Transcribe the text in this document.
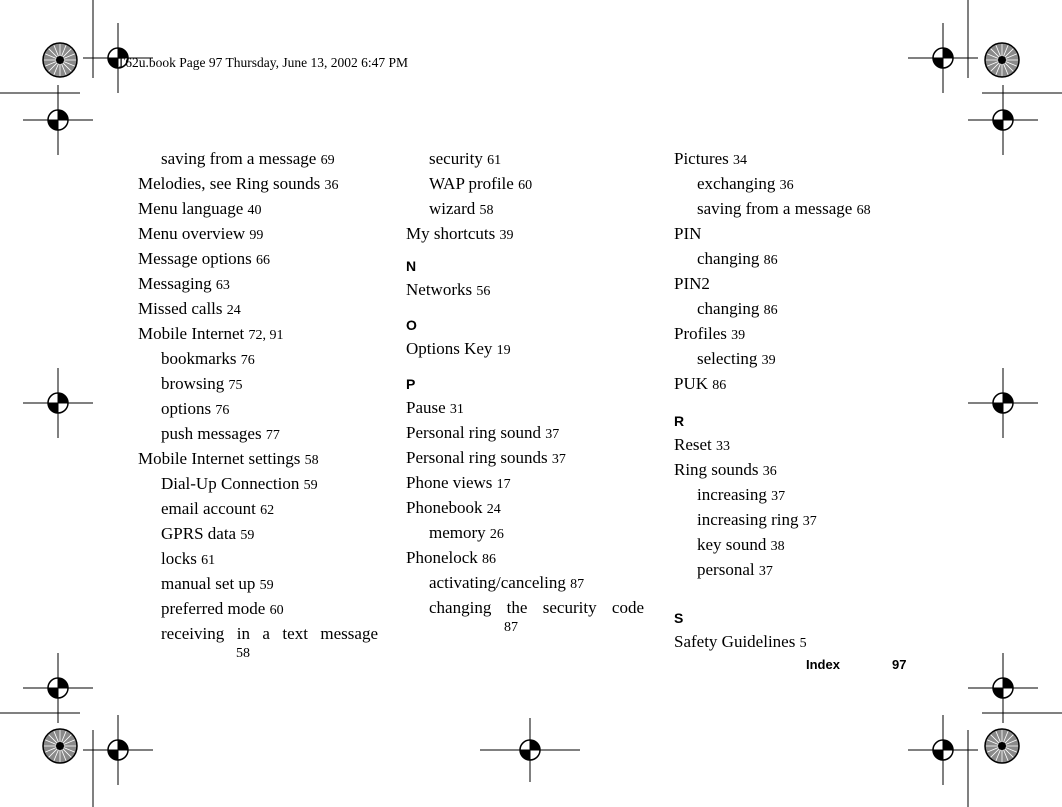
T62u.book Page 97 Thursday, June 13, 2002 6:47 PM
saving from a message 69
Melodies, see Ring sounds 36
Menu language 40
Menu overview 99
Message options 66
Messaging 63
Missed calls 24
Mobile Internet 72, 91
bookmarks 76
browsing 75
options 76
push messages 77
Mobile Internet settings 58
Dial-Up Connection 59
email account 62
GPRS data 59
locks 61
manual set up 59
preferred mode 60
receiving in a text message
58
security 61
WAP profile 60
wizard 58
My shortcuts 39
N
Networks 56
O
Options Key 19
P
Pause 31
Personal ring sound 37
Personal ring sounds 37
Phone views 17
Phonebook 24
memory 26
Phonelock 86
activating/canceling 87
changing the security code
87
Pictures 34
exchanging 36
saving from a message 68
PIN
changing 86
PIN2
changing 86
Profiles 39
selecting 39
PUK 86
R
Reset 33
Ring sounds 36
increasing 37
increasing ring 37
key sound 38
personal 37
S
Safety Guidelines 5
Index	97
